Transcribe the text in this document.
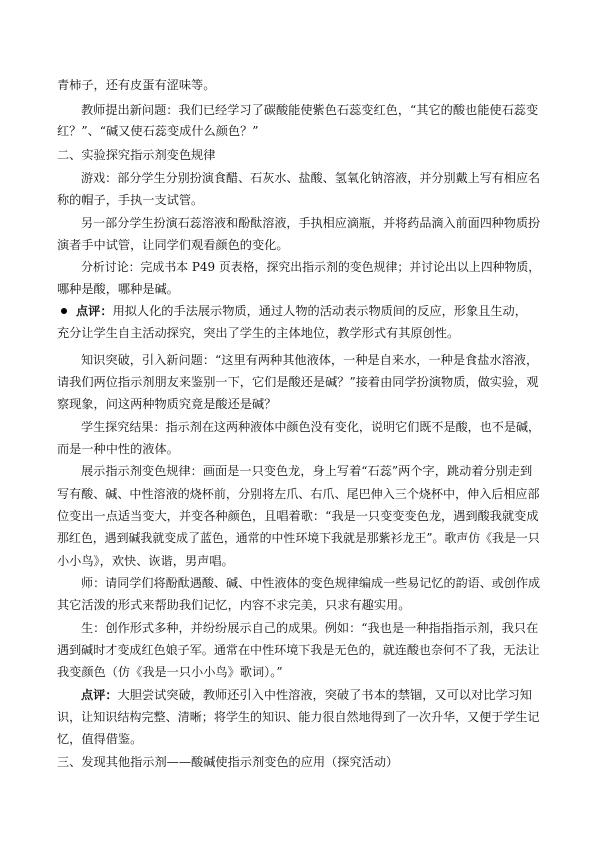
青柿子，还有皮蛋有涩味等。
教师提出新问题：我们已经学习了碳酸能使紫色石蕊变红色，“其它的酸也能使石蕊变
红？”、“碱又使石蕊变成什么颜色？”
二、实验探究指示剂变色规律
游戏：部分学生分别扮演食醋、石灰水、盐酸、氢氧化钠溶液，并分别戴上写有相应名
称的帽子，手执一支试管。
另一部分学生扮演石蕊溶液和酚酞溶液，手执相应滴瓶，并将药品滴入前面四种物质扮
演者手中试管，让同学们观看颜色的变化。
分析讨论：完成书本 P49 页表格，探究出指示剂的变色规律；并讨论出以上四种物质，
哪种是酸，哪种是碱。
点评：用拟人化的手法展示物质，通过人物的活动表示物质间的反应，形象且生动，
充分让学生自主活动探究，突出了学生的主体地位，教学形式有其原创性。
知识突破，引入新问题：“这里有两种其他液体，一种是自来水，一种是食盐水溶液，
请我们两位指示剂朋友来鉴别一下，它们是酸还是碱？”接着由同学扮演物质，做实验，观
察现象，问这两种物质究竟是酸还是碱？
学生探究结果：指示剂在这两种液体中颜色没有变化，说明它们既不是酸，也不是碱，
而是一种中性的液体。
展示指示剂变色规律：画面是一只变色龙，身上写着“石蕊”两个字，跳动着分别走到
写有酸、碱、中性溶液的烧杯前，分别将左爪、右爪、尾巴伸入三个烧杯中，伸入后相应部
位变出一点适当变大，并变各种颜色，且唱着歌：“我是一只变变变色龙，遇到酸我就变成
那红色，遇到碱我就变成了蓝色，通常的中性环境下我就是那紫衫龙王”。歌声仿《我是一只
小小鸟》，欢快、诙谐，男声唱。
师：请同学们将酚酞遇酸、碱、中性液体的变色规律编成一些易记忆的韵语、或创作成
其它活泼的形式来帮助我们记忆，内容不求完美，只求有趣实用。
生：创作形式多种，并纷纷展示自己的成果。例如：“我也是一种指指指示剂，我只在
遇到碱时才变成红色娘子军。通常在中性环境下我是无色的，就连酸也奈何不了我，无法让
我变颜色（仿《我是一只小小鸟》歌词）。”
点评：大胆尝试突破，教师还引入中性溶液，突破了书本的禁锢，又可以对比学习知
识，让知识结构完整、清晰；将学生的知识、能力很自然地得到了一次升华，又便于学生记
忆，值得借鉴。
三、发现其他指示剂——酸碱使指示剂变色的应用（探究活动）
